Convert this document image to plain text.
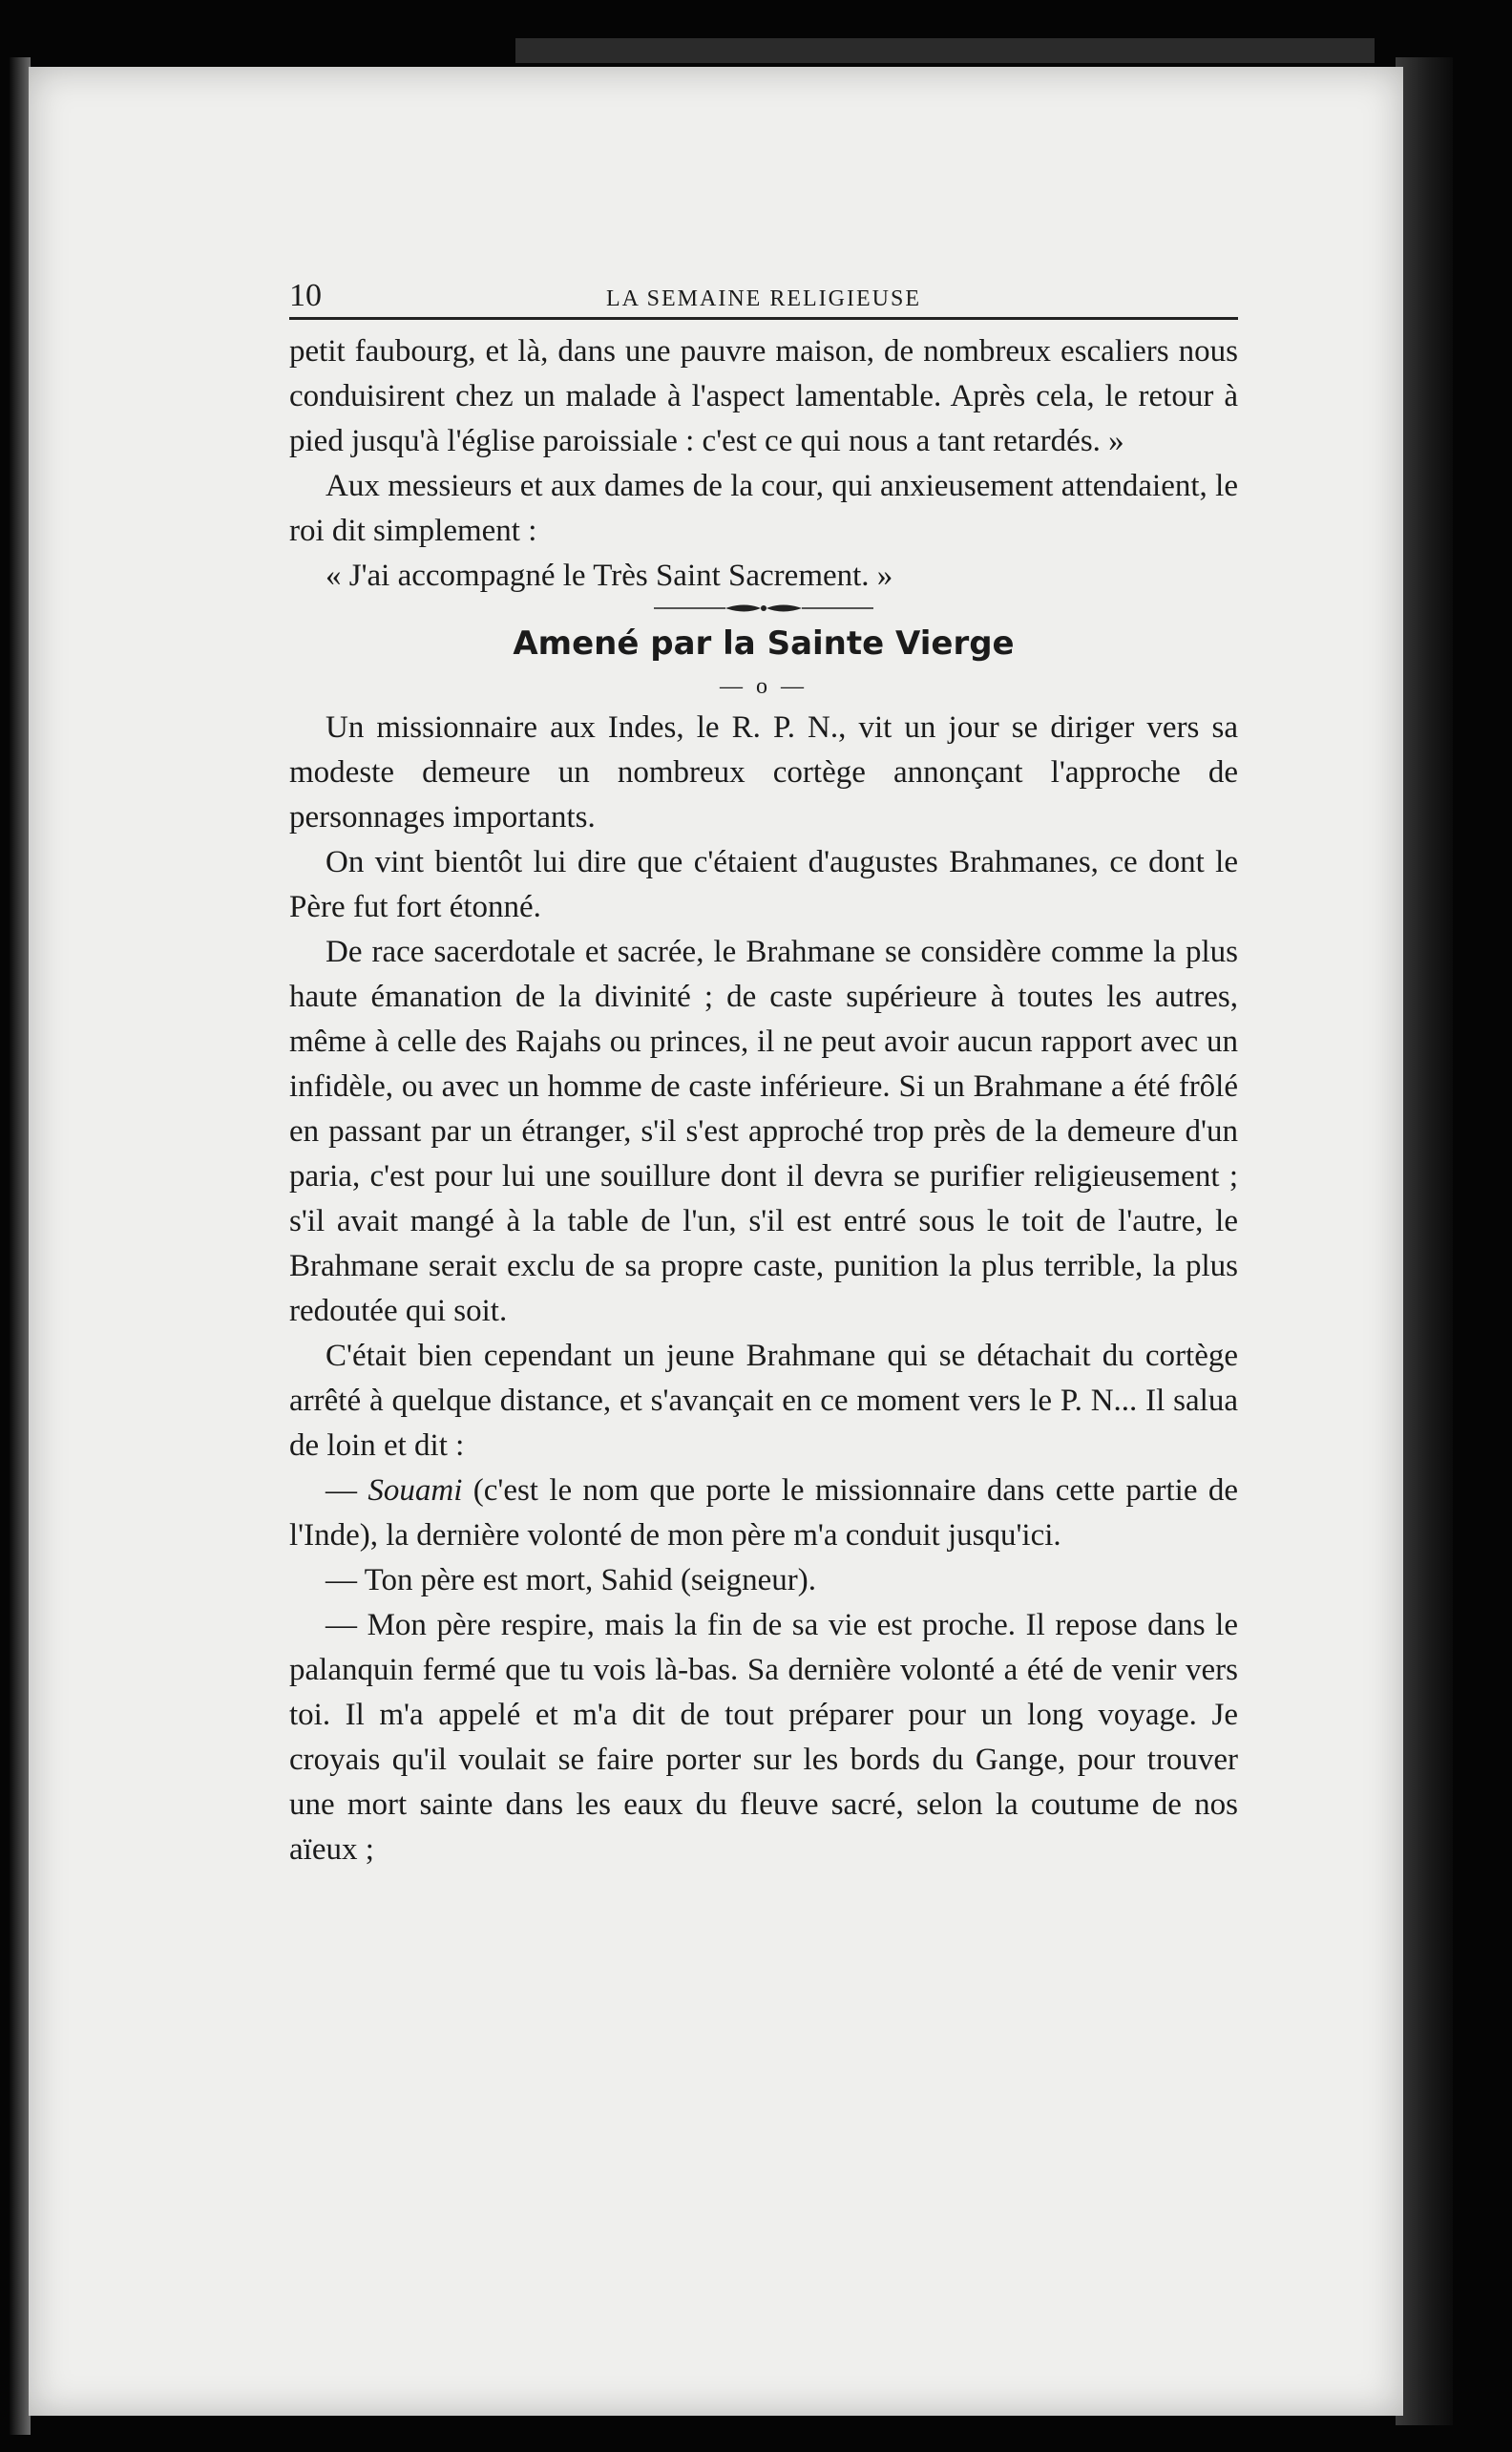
10	LA SEMAINE RELIGIEUSE

petit faubourg, et là, dans une pauvre maison, de nombreux escaliers nous conduisirent chez un malade à l'aspect lamentable. Après cela, le retour à pied jusqu'à l'église paroissiale : c'est ce qui nous a tant retardés. »

Aux messieurs et aux dames de la cour, qui anxieusement attendaient, le roi dit simplement :

« J'ai accompagné le Très Saint Sacrement. »

Amené par la Sainte Vierge
— o —

Un missionnaire aux Indes, le R. P. N., vit un jour se diriger vers sa modeste demeure un nombreux cortège annonçant l'approche de personnages importants.

On vint bientôt lui dire que c'étaient d'augustes Brahmanes, ce dont le Père fut fort étonné.

De race sacerdotale et sacrée, le Brahmane se considère comme la plus haute émanation de la divinité ; de caste supérieure à toutes les autres, même à celle des Rajahs ou princes, il ne peut avoir aucun rapport avec un infidèle, ou avec un homme de caste inférieure. Si un Brahmane a été frôlé en passant par un étranger, s'il s'est approché trop près de la demeure d'un paria, c'est pour lui une souillure dont il devra se purifier religieusement ; s'il avait mangé à la table de l'un, s'il est entré sous le toit de l'autre, le Brahmane serait exclu de sa propre caste, punition la plus terrible, la plus redoutée qui soit.

C'était bien cependant un jeune Brahmane qui se détachait du cortège arrêté à quelque distance, et s'avançait en ce moment vers le P. N... Il salua de loin et dit :

— Souami (c'est le nom que porte le missionnaire dans cette partie de l'Inde), la dernière volonté de mon père m'a conduit jusqu'ici.

— Ton père est mort, Sahid (seigneur).

— Mon père respire, mais la fin de sa vie est proche. Il repose dans le palanquin fermé que tu vois là-bas. Sa dernière volonté a été de venir vers toi. Il m'a appelé et m'a dit de tout préparer pour un long voyage. Je croyais qu'il voulait se faire porter sur les bords du Gange, pour trouver une mort sainte dans les eaux du fleuve sacré, selon la coutume de nos aïeux ;
